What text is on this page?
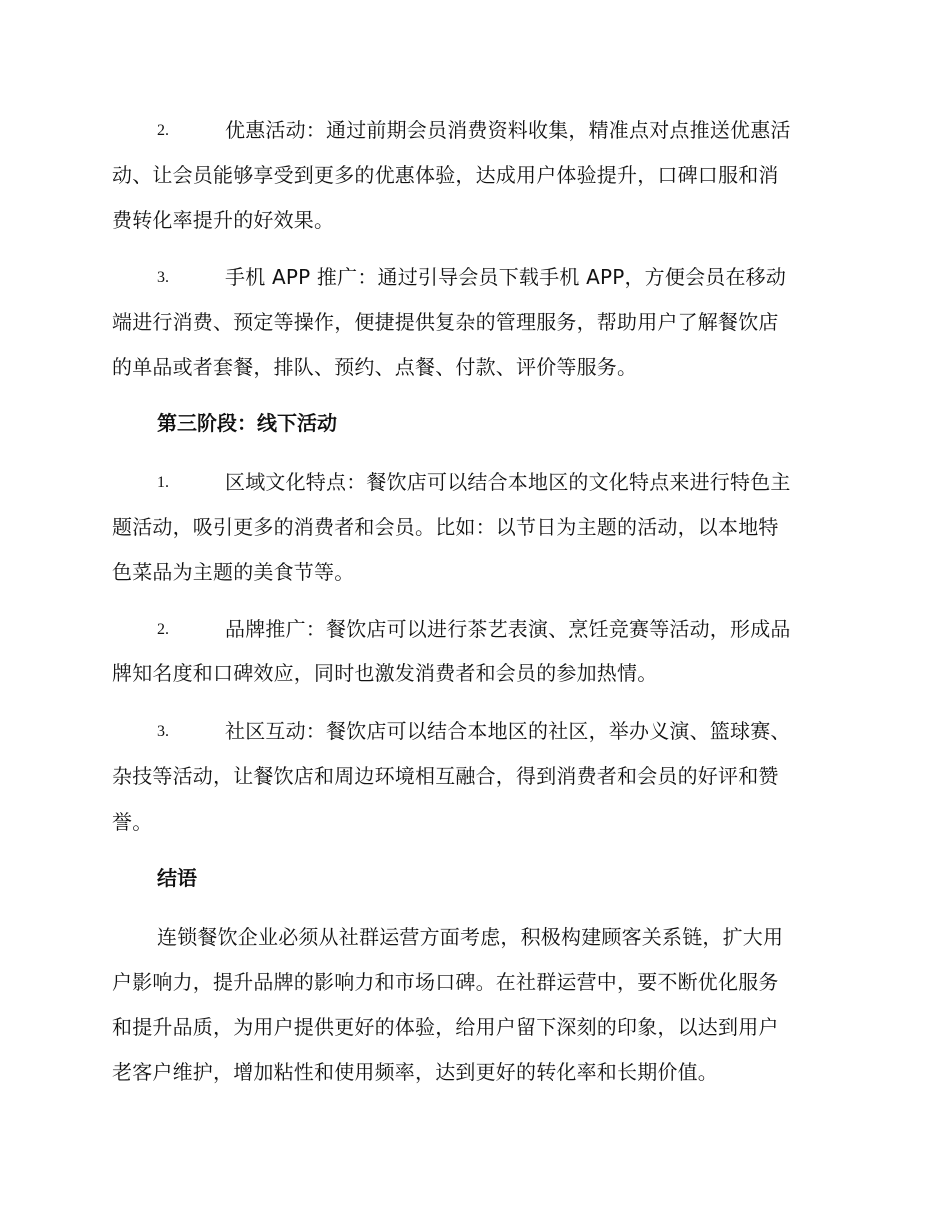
2.	优惠活动：通过前期会员消费资料收集，精准点对点推送优惠活
动、让会员能够享受到更多的优惠体验，达成用户体验提升，口碑口服和消
费转化率提升的好效果。
3.	手机 APP 推广：通过引导会员下载手机 APP，方便会员在移动
端进行消费、预定等操作，便捷提供复杂的管理服务，帮助用户了解餐饮店
的单品或者套餐，排队、预约、点餐、付款、评价等服务。
第三阶段：线下活动
1.	区域文化特点：餐饮店可以结合本地区的文化特点来进行特色主
题活动，吸引更多的消费者和会员。比如：以节日为主题的活动，以本地特
色菜品为主题的美食节等。
2.	品牌推广：餐饮店可以进行茶艺表演、烹饪竞赛等活动，形成品
牌知名度和口碑效应，同时也激发消费者和会员的参加热情。
3.	社区互动：餐饮店可以结合本地区的社区，举办义演、篮球赛、
杂技等活动，让餐饮店和周边环境相互融合，得到消费者和会员的好评和赞
誉。
结语
连锁餐饮企业必须从社群运营方面考虑，积极构建顾客关系链，扩大用
户影响力，提升品牌的影响力和市场口碑。在社群运营中，要不断优化服务
和提升品质，为用户提供更好的体验，给用户留下深刻的印象，以达到用户
老客户维护，增加粘性和使用频率，达到更好的转化率和长期价值。
